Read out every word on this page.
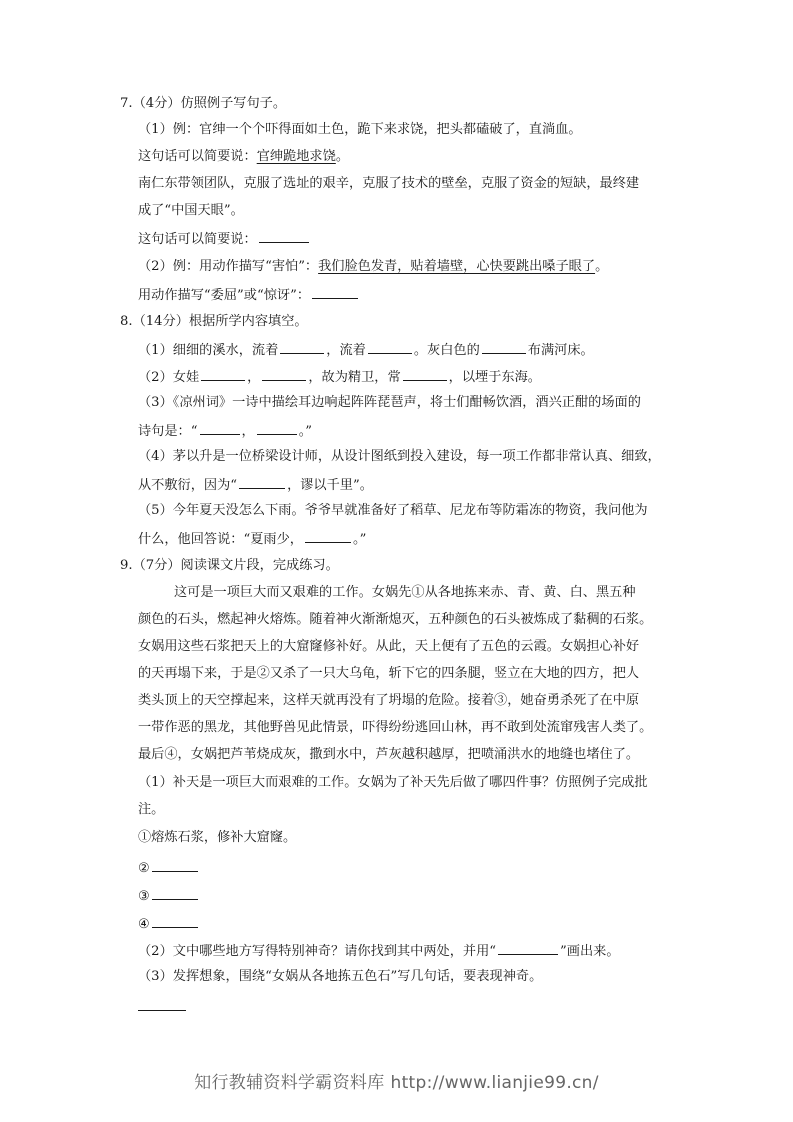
7.（4分）仿照例子写句子。
（1）例：官绅一个个吓得面如土色，跪下来求饶，把头都磕破了，直淌血。
这句话可以简要说：官绅跪地求饶。
南仁东带领团队，克服了选址的艰辛，克服了技术的壁垒，克服了资金的短缺，最终建
成了“中国天眼”。
这句话可以简要说：
（2）例：用动作描写“害怕”：我们脸色发青，贴着墙壁，心快要跳出嗓子眼了。
用动作描写“委屈”或“惊讶”：
8.（14分）根据所学内容填空。
（1）细细的溪水，流着	，流着	。灰白色的	布满河床。
（2）女娃	，	，故为精卫，常	，以堙于东海。
（3）《凉州词》一诗中描绘耳边响起阵阵琵琶声，将士们酣畅饮酒，酒兴正酣的场面的
诗句是：“	，	。”
（4）茅以升是一位桥梁设计师，从设计图纸到投入建设，每一项工作都非常认真、细致，
从不敷衍，因为“	，谬以千里”。
（5）今年夏天没怎么下雨。爷爷早就准备好了稻草、尼龙布等防霜冻的物资，我问他为
什么，他回答说：“夏雨少，	。”
9.（7分）阅读课文片段，完成练习。
这可是一项巨大而又艰难的工作。女娲先①从各地拣来赤、青、黄、白、黑五种
颜色的石头，燃起神火熔炼。随着神火渐渐熄灭，五种颜色的石头被炼成了黏稠的石浆。
女娲用这些石浆把天上的大窟窿修补好。从此，天上便有了五色的云霞。女娲担心补好
的天再塌下来，于是②又杀了一只大乌龟，斩下它的四条腿，竖立在大地的四方，把人
类头顶上的天空撑起来，这样天就再没有了坍塌的危险。接着③，她奋勇杀死了在中原
一带作恶的黑龙，其他野兽见此情景，吓得纷纷逃回山林，再不敢到处流窜残害人类了。
最后④，女娲把芦苇烧成灰，撒到水中，芦灰越积越厚，把喷涌洪水的地缝也堵住了。
（1）补天是一项巨大而艰难的工作。女娲为了补天先后做了哪四件事？仿照例子完成批
注。
①熔炼石浆，修补大窟窿。
②
③
④
（2）文中哪些地方写得特别神奇？请你找到其中两处，并用“	”画出来。
（3）发挥想象，围绕“女娲从各地拣五色石”写几句话，要表现神奇。
知行教辅资料学霸资料库 http://www.lianjie99.cn/
